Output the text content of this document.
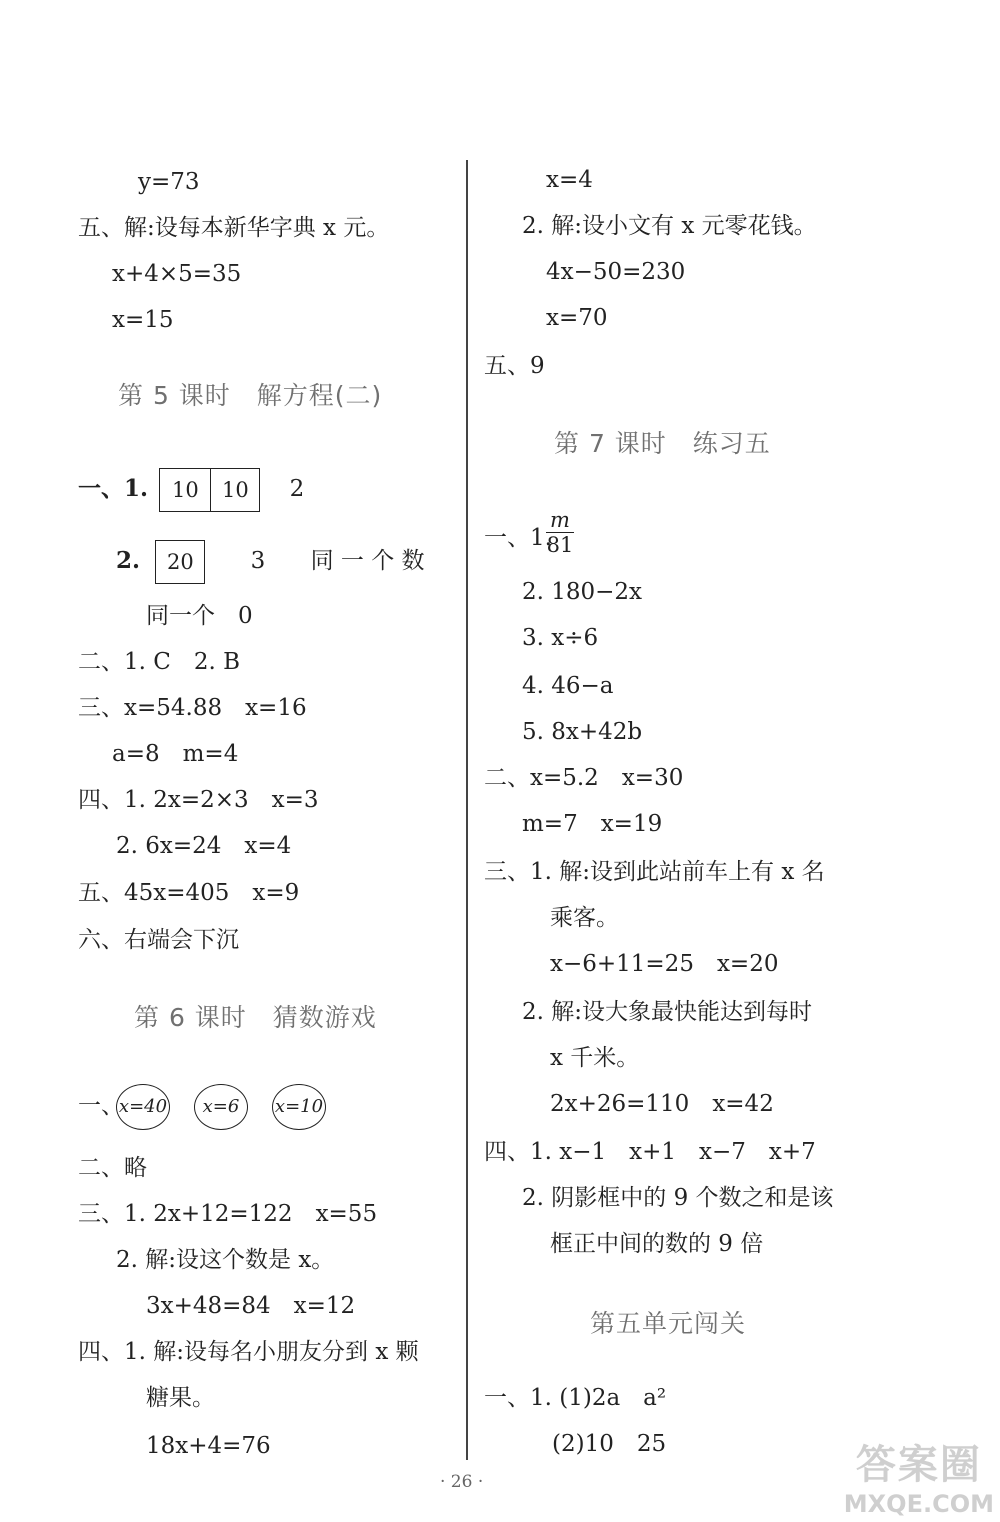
y=73
五、解:设每本新华字典 x 元。
x+4×5=35
x=15
第 5 课时　解方程(二)
一、1. 10 10 2
2. 20 3 同 一 个 数
同一个　0
二、1. C　2. B
三、x=54.88　x=16
a=8　m=4
四、1. 2x=2×3　x=3
2. 6x=24　x=4
五、45x=405　x=9
六、右端会下沉
第 6 课时　猜数游戏
一、
x=40	x=6	x=10
二、略
三、1. 2x+12=122　x=55
2. 解:设这个数是 x。
3x+48=84　x=12
四、1. 解:设每名小朋友分到 x 颗
糖果。
18x+4=76
x=4
2. 解:设小文有 x 元零花钱。
4x−50=230
x=70
五、9
第 7 课时　练习五
一、1.
$\frac{m}{81}$
2. 180−2x
3. x÷6
4. 46−a
5. 8x+42b
二、x=5.2　x=30
m=7　x=19
三、1. 解:设到此站前车上有 x 名
乘客。
x−6+11=25　x=20
2. 解:设大象最快能达到每时
x 千米。
2x+26=110　x=42
四、1. x−1　x+1　x−7　x+7
2. 阴影框中的 9 个数之和是该
框正中间的数的 9 倍
第五单元闯关
一、1. (1)2a　a²
(2)10　25
· 26 ·	答案圈
MXQE.COM
